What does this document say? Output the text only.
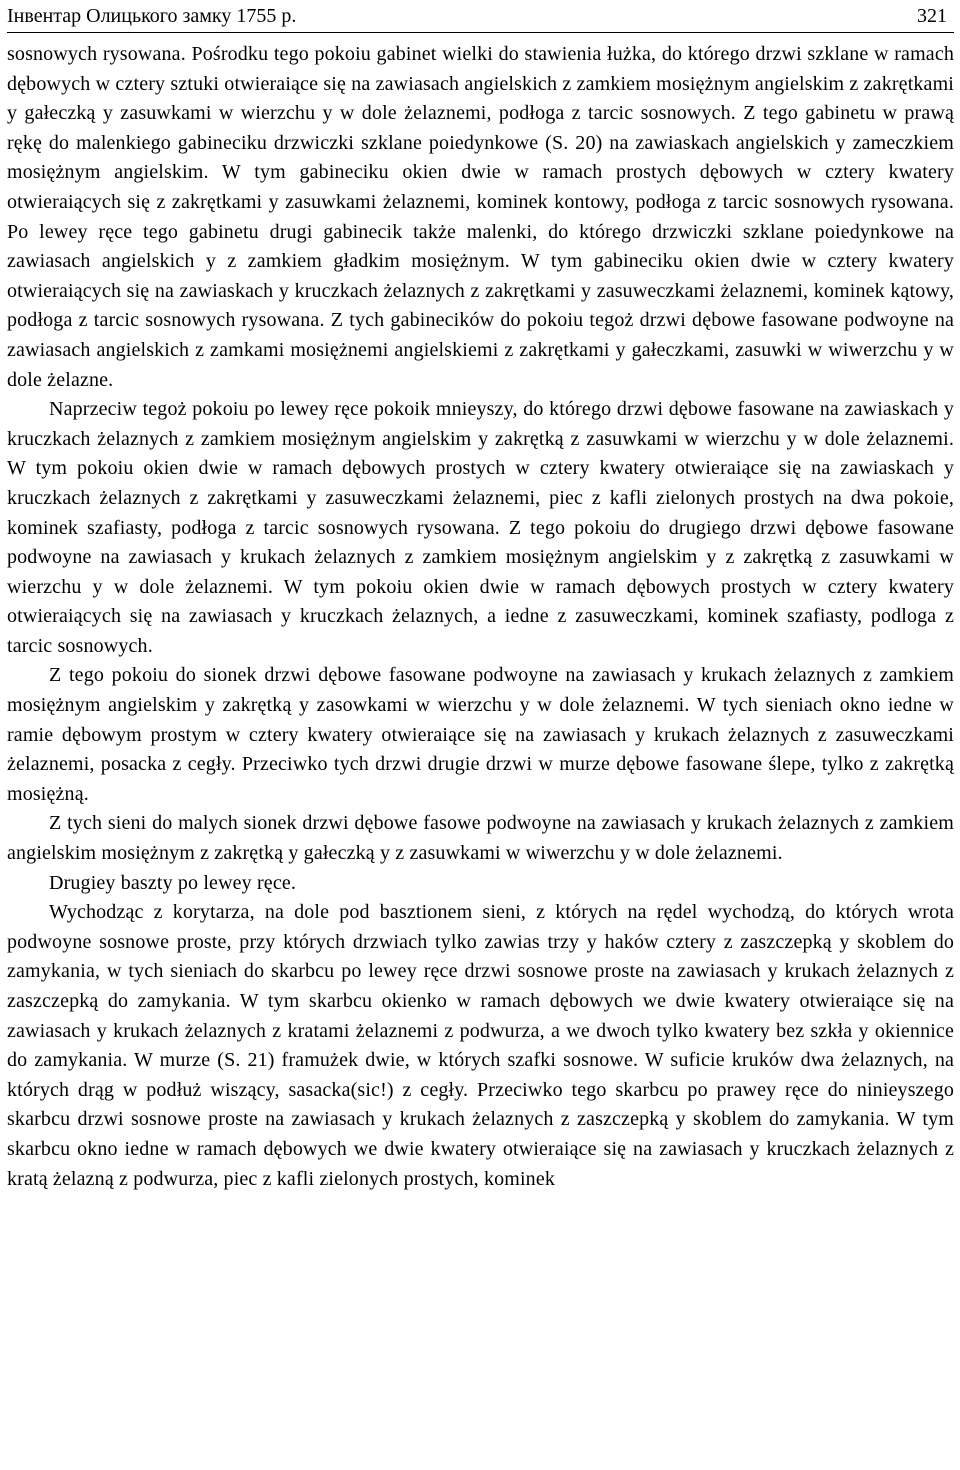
Інвентар Олицького замку 1755 р.	321

sosnowych rysowana. Pośrodku tego pokoiu gabinet wielki do stawienia łużka, do którego drzwi szklane w ramach dębowych w cztery sztuki otwieraiące się na zawiasach angielskich z zamkiem mosiężnym angielskim z zakrętkami y gałeczką y zasuwkami w wierzchu y w dole żelaznemi, podłoga z tarcic sosnowych. Z tego gabinetu w prawą rękę do malenkiego gabineciku drzwiczki szklane poiedynkowe (S. 20) na zawiaskach angielskich y zameczkiem mosiężnym angielskim. W tym gabineciku okien dwie w ramach prostych dębowych w cztery kwatery otwieraiących się z zakrętkami y zasuwkami żelaznemi, kominek kontowy, podłoga z tarcic sosnowych rysowana. Po lewey ręce tego gabinetu drugi gabinecik także malenki, do którego drzwiczki szklane poiedynkowe na zawiasach angielskich y z zamkiem gładkim mosiężnym. W tym gabineciku okien dwie w cztery kwatery otwieraiących się na zawiaskach y kruczkach żelaznych z zakrętkami y zasuweczkami żelaznemi, kominek kątowy, podłoga z tarcic sosnowych rysowana. Z tych gabinecików do pokoiu tegoż drzwi dębowe fasowane podwoyne na zawiasach angielskich z zamkami mosiężnemi angielskiemi z zakrętkami y gałeczkami, zasuwki w wiwerzchu y w dole żelazne.

Naprzeciw tegoż pokoiu po lewey ręce pokoik mnieyszy, do którego drzwi dębowe fasowane na zawiaskach y kruczkach żelaznych z zamkiem mosiężnym angielskim y zakrętką z zasuwkami w wierzchu y w dole żelaznemi. W tym pokoiu okien dwie w ramach dębowych prostych w cztery kwatery otwieraiące się na zawiaskach y kruczkach żelaznych z zakrętkami y zasuweczkami żelaznemi, piec z kafli zielonych prostych na dwa pokoie, kominek szafiasty, podłoga z tarcic sosnowych rysowana. Z tego pokoiu do drugiego drzwi dębowe fasowane podwoyne na zawiasach y krukach żelaznych z zamkiem mosiężnym angielskim y z zakrętką z zasuwkami w wierzchu y w dole żelaznemi. W tym pokoiu okien dwie w ramach dębowych prostych w cztery kwatery otwieraiących się na zawiasach y kruczkach żelaznych, a iedne z zasuweczkami, kominek szafiasty, podloga z tarcic sosnowych.

Z tego pokoiu do sionek drzwi dębowe fasowane podwoyne na zawiasach y krukach żelaznych z zamkiem mosiężnym angielskim y zakrętką y zasowkami w wierzchu y w dole żelaznemi. W tych sieniach okno iedne w ramie dębowym prostym w cztery kwatery otwieraiące się na zawiasach y krukach żelaznych z zasuweczkami żelaznemi, posacka z cegły. Przeciwko tych drzwi drugie drzwi w murze dębowe fasowane ślepe, tylko z zakrętką mosiężną.

Z tych sieni do malych sionek drzwi dębowe fasowe podwoyne na zawiasach y krukach żelaznych z zamkiem angielskim mosiężnym z zakrętką y gałeczką y z zasuwkami w wiwerzchu y w dole żelaznemi.

Drugiey baszty po lewey ręce.

Wychodząc z korytarza, na dole pod basztionem sieni, z których na rędel wychodzą, do których wrota podwoyne sosnowe proste, przy których drzwiach tylko zawias trzy y haków cztery z zaszczepką y skoblem do zamykania, w tych sieniach do skarbcu po lewey ręce drzwi sosnowe proste na zawiasach y krukach żelaznych z zaszczepką do zamykania. W tym skarbcu okienko w ramach dębowych we dwie kwatery otwieraiące się na zawiasach y krukach żelaznych z kratami żelaznemi z podwurza, a we dwoch tylko kwatery bez szkła y okiennice do zamykania. W murze (S. 21) framużek dwie, w których szafki sosnowe. W suficie kruków dwa żelaznych, na których drąg w podłuż wiszący, sasacka(sic!) z cegły. Przeciwko tego skarbcu po prawey ręce do ninieyszego skarbcu drzwi sosnowe proste na zawiasach y krukach żelaznych z zaszczepką y skoblem do zamykania. W tym skarbcu okno iedne w ramach dębowych we dwie kwatery otwieraiące się na zawiasach y kruczkach żelaznych z kratą żelazną z podwurza, piec z kafli zielonych prostych, kominek
